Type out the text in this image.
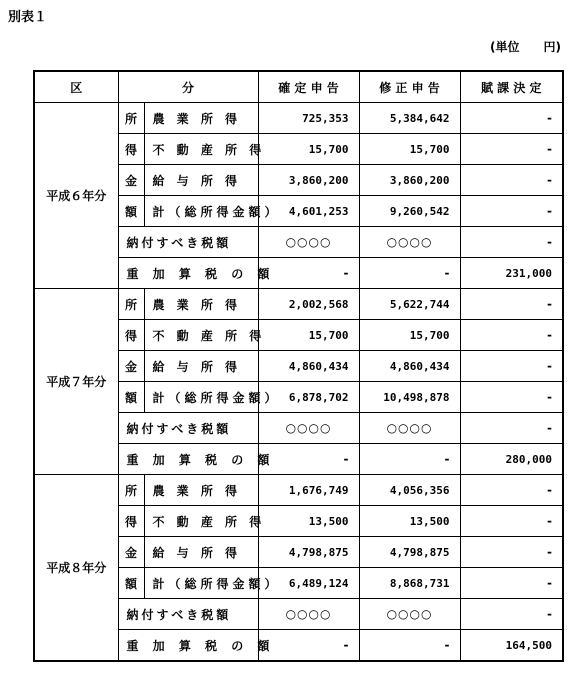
別表１
(単位　　円)
区	分		確 定 申 告	修 正 申 告	賦 課 決 定
平成６年分	所	農 業 所 得	725,353	5,384,642	-
	得	不 動 産 所 得	15,700	15,700	-
	金	給 与 所 得	3,860,200	3,860,200	-
	額	計（総所得金額）	4,601,253	9,260,542	-
	納付すべき税額		○○○○	○○○○	-
	重 加 算 税 の 額		-	-	231,000
平成７年分	所	農 業 所 得	2,002,568	5,622,744	-
	得	不 動 産 所 得	15,700	15,700	-
	金	給 与 所 得	4,860,434	4,860,434	-
	額	計（総所得金額）	6,878,702	10,498,878	-
	納付すべき税額		○○○○	○○○○	-
	重 加 算 税 の 額		-	-	280,000
平成８年分	所	農 業 所 得	1,676,749	4,056,356	-
	得	不 動 産 所 得	13,500	13,500	-
	金	給 与 所 得	4,798,875	4,798,875	-
	額	計（総所得金額）	6,489,124	8,868,731	-
	納付すべき税額		○○○○	○○○○	-
	重 加 算 税 の 額		-	-	164,500
